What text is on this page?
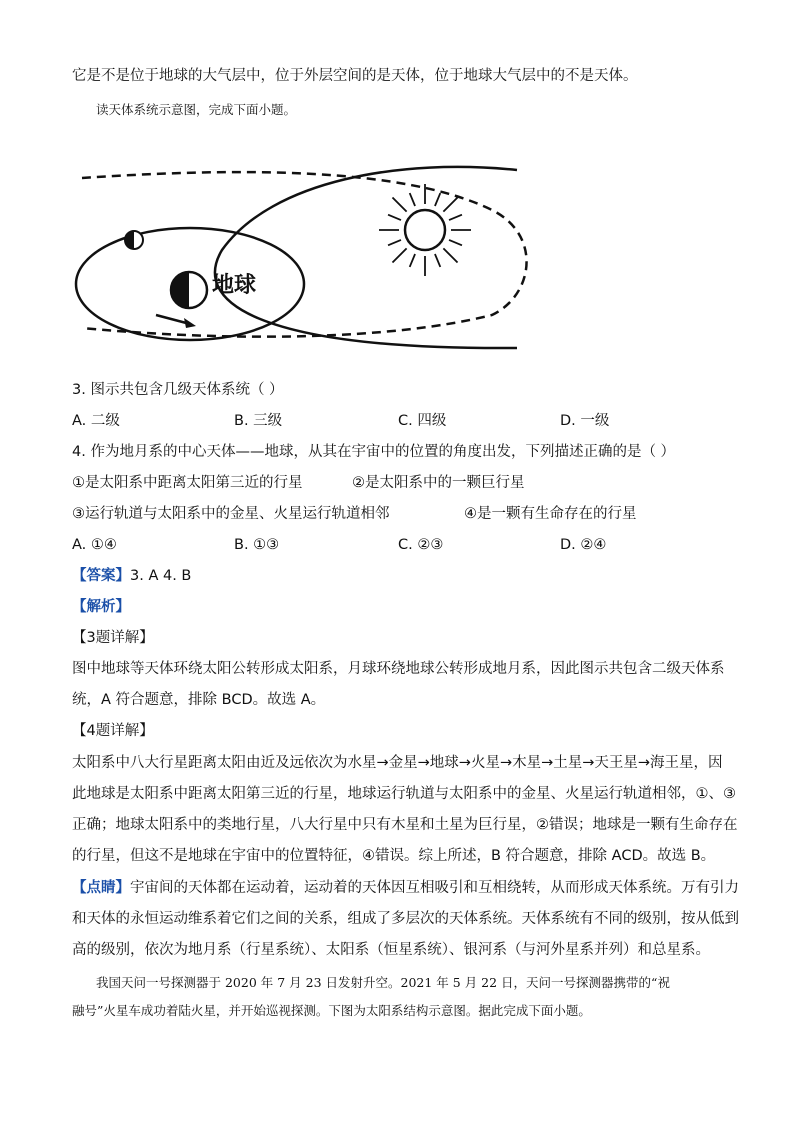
它是不是位于地球的大气层中，位于外层空间的是天体，位于地球大气层中的不是天体。
读天体系统示意图，完成下面小题。
地球
3. 图示共包含几级天体系统（ ）
A. 二级	B. 三级	C. 四级	D. 一级
4. 作为地月系的中心天体——地球，从其在宇宙中的位置的角度出发，下列描述正确的是（ ）
①是太阳系中距离太阳第三近的行星	②是太阳系中的一颗巨行星
③运行轨道与太阳系中的金星、火星运行轨道相邻	④是一颗有生命存在的行星
A. ①④	B. ①③	C. ②③	D. ②④
【答案】3. A 4. B
【解析】
【3题详解】
图中地球等天体环绕太阳公转形成太阳系，月球环绕地球公转形成地月系，因此图示共包含二级天体系
统，A 符合题意，排除 BCD。故选 A。
【4题详解】
太阳系中八大行星距离太阳由近及远依次为水星→金星→地球→火星→木星→土星→天王星→海王星，因
此地球是太阳系中距离太阳第三近的行星，地球运行轨道与太阳系中的金星、火星运行轨道相邻，①、③
正确；地球太阳系中的类地行星，八大行星中只有木星和土星为巨行星，②错误；地球是一颗有生命存在
的行星，但这不是地球在宇宙中的位置特征，④错误。综上所述，B 符合题意，排除 ACD。故选 B。
【点睛】宇宙间的天体都在运动着，运动着的天体因互相吸引和互相绕转，从而形成天体系统。万有引力
和天体的永恒运动维系着它们之间的关系，组成了多层次的天体系统。天体系统有不同的级别，按从低到
高的级别，依次为地月系（行星系统）、太阳系（恒星系统）、银河系（与河外星系并列）和总星系。
我国天问一号探测器于 2020 年 7 月 23 日发射升空。2021 年 5 月 22 日，天问一号探测器携带的“祝
融号”火星车成功着陆火星，并开始巡视探测。下图为太阳系结构示意图。据此完成下面小题。
